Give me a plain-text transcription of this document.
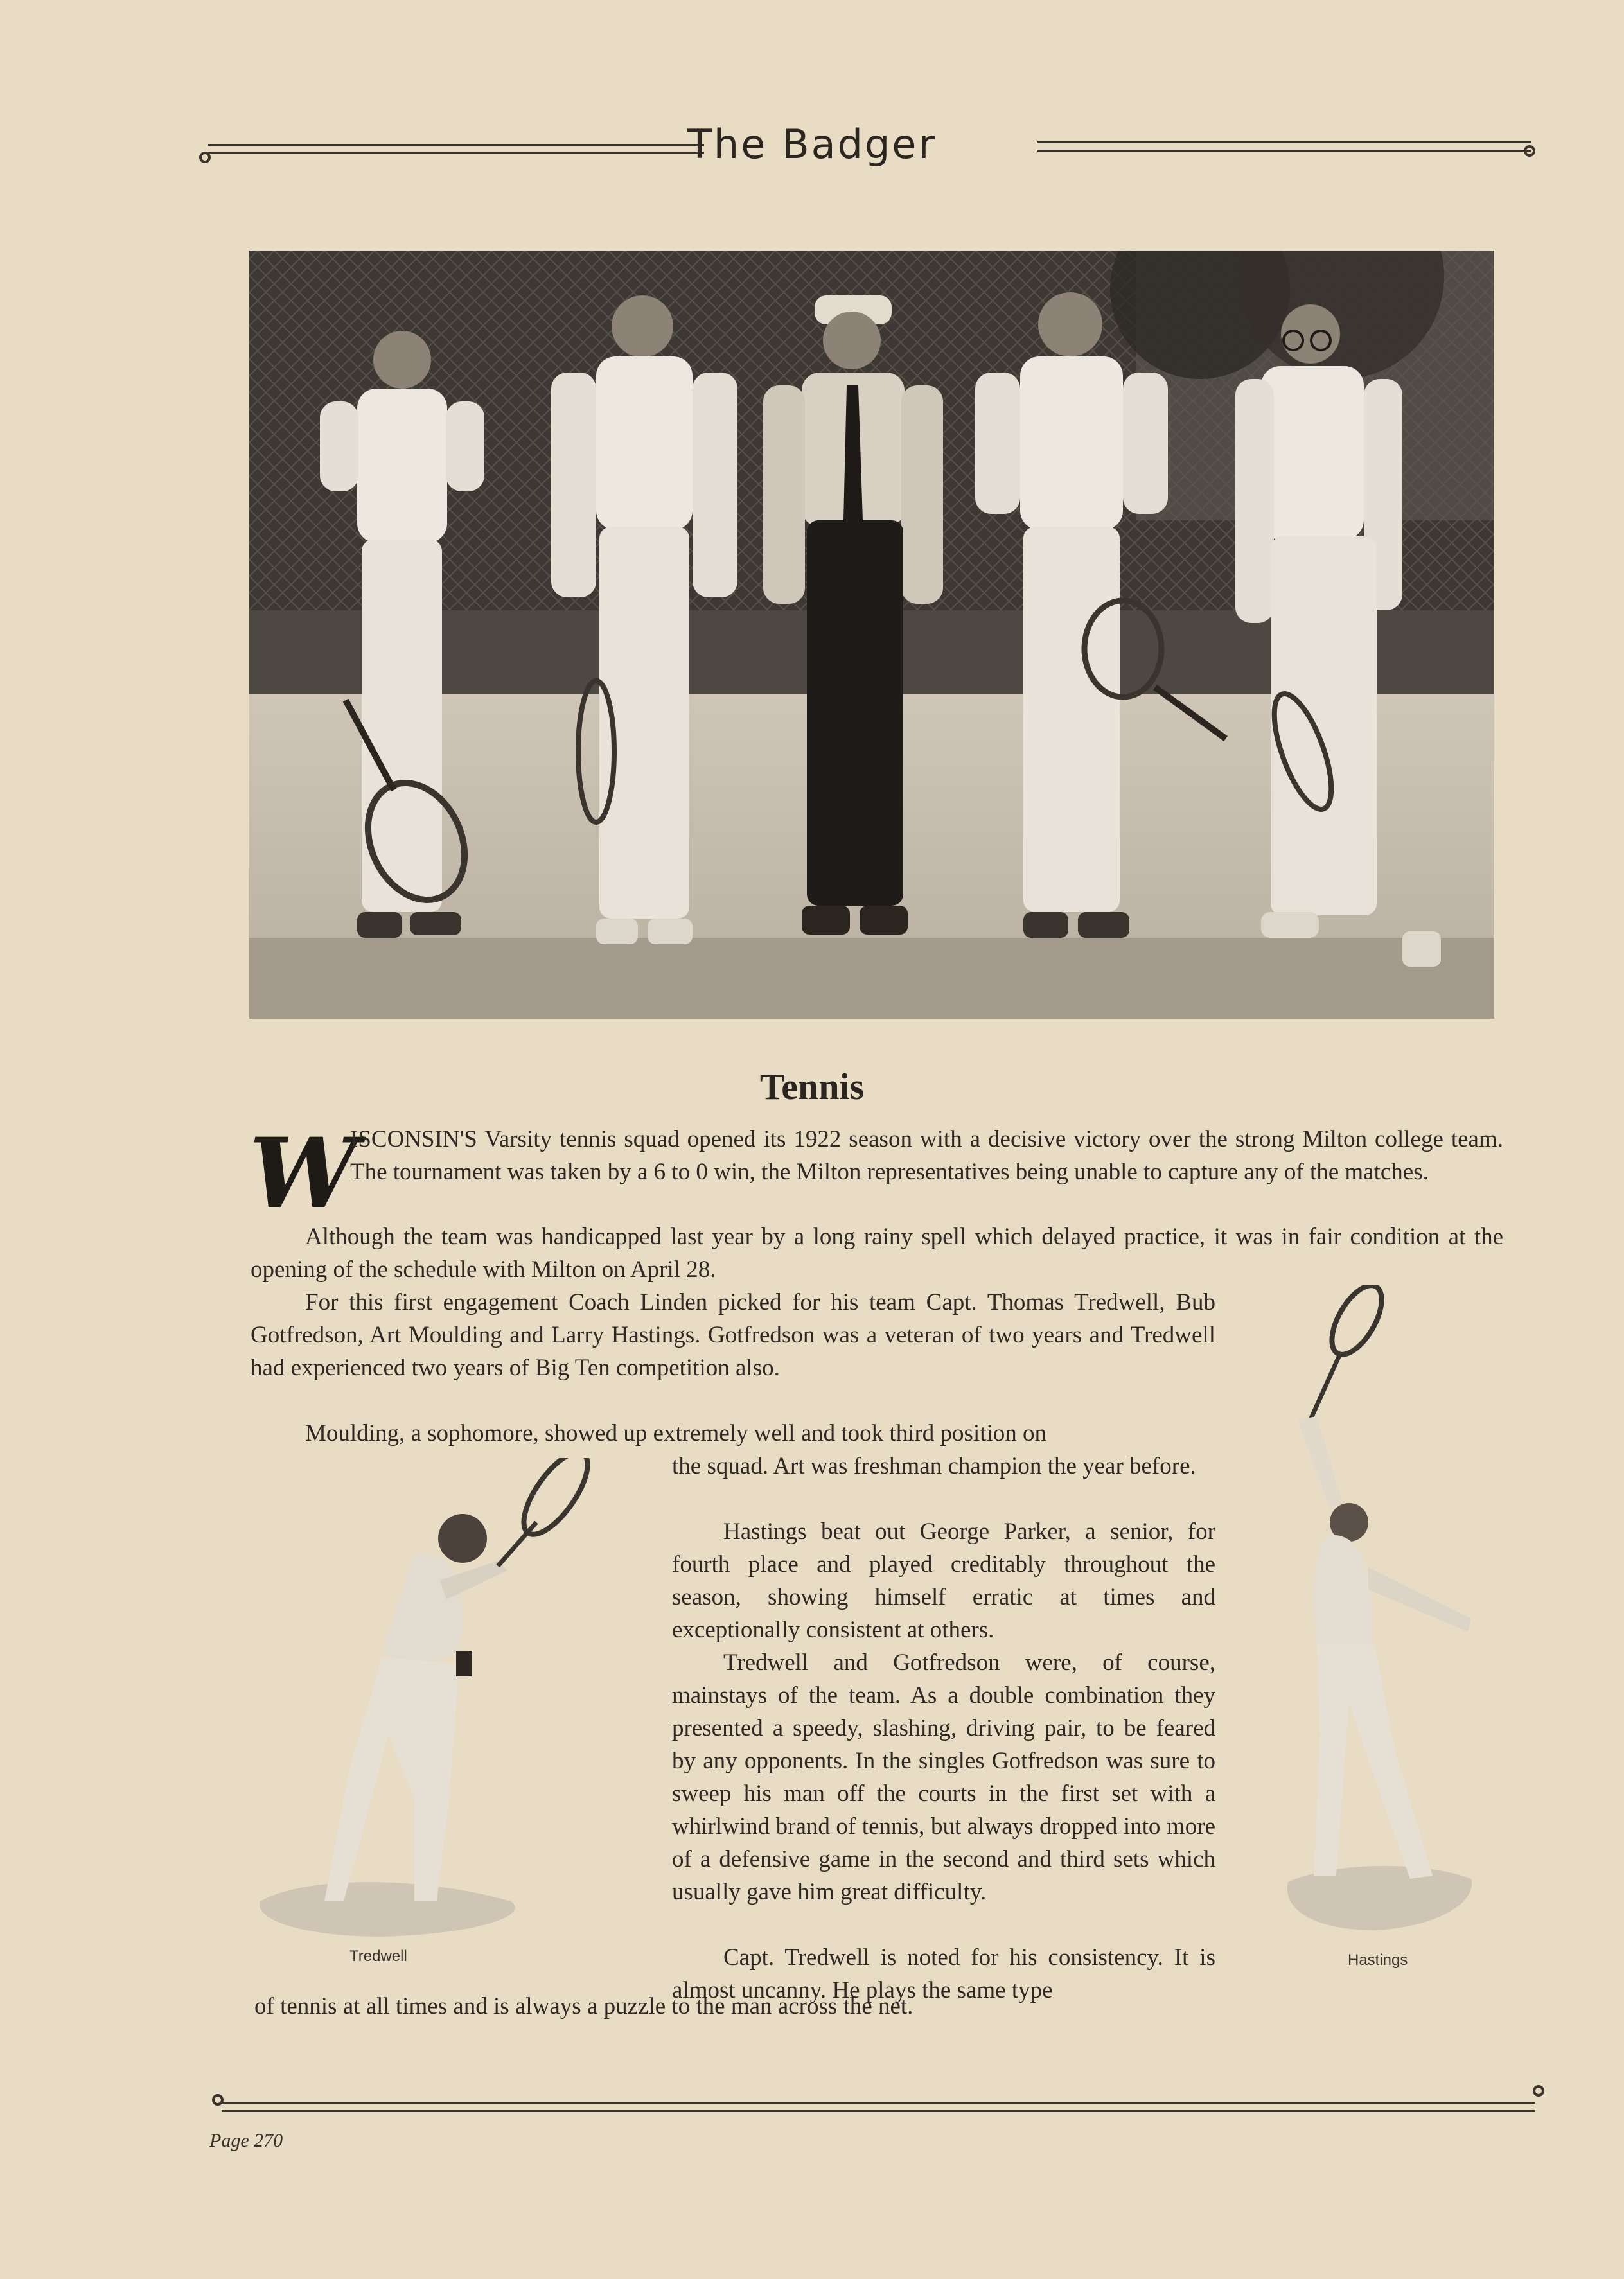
The Badger
Tennis
W
ISCONSIN'S Varsity tennis squad opened its 1922 season with a decisive victory over the strong Milton college team. The tournament was taken by a 6 to 0 win, the Milton representatives being unable to capture any of the matches.
Although the team was handicapped last year by a long rainy spell which delayed practice, it was in fair condition at the opening of the schedule with Milton on April 28.
For this first engagement Coach Linden picked for his team Capt. Thomas Tredwell, Bub Gotfredson, Art Moulding and Larry Hastings. Gotfredson was a veteran of two years and Tredwell had experienced two years of Big Ten competition also.
Moulding, a sophomore, showed up extremely well and took third position on
the squad. Art was freshman champion the year before.
Hastings beat out George Parker, a senior, for fourth place and played creditably throughout the season, showing himself erratic at times and exceptionally consistent at others.
Tredwell and Gotfredson were, of course, mainstays of the team. As a double combination they presented a speedy, slashing, driving pair, to be feared by any opponents. In the singles Gotfredson was sure to sweep his man off the courts in the first set with a whirlwind brand of tennis, but always dropped into more of a defensive game in the second and third sets which usually gave him great difficulty.
Capt. Tredwell is noted for his consistency. It is almost uncanny. He plays the same type
of tennis at all times and is always a puzzle to the man across the net.
Tredwell	Hastings
Page 270
